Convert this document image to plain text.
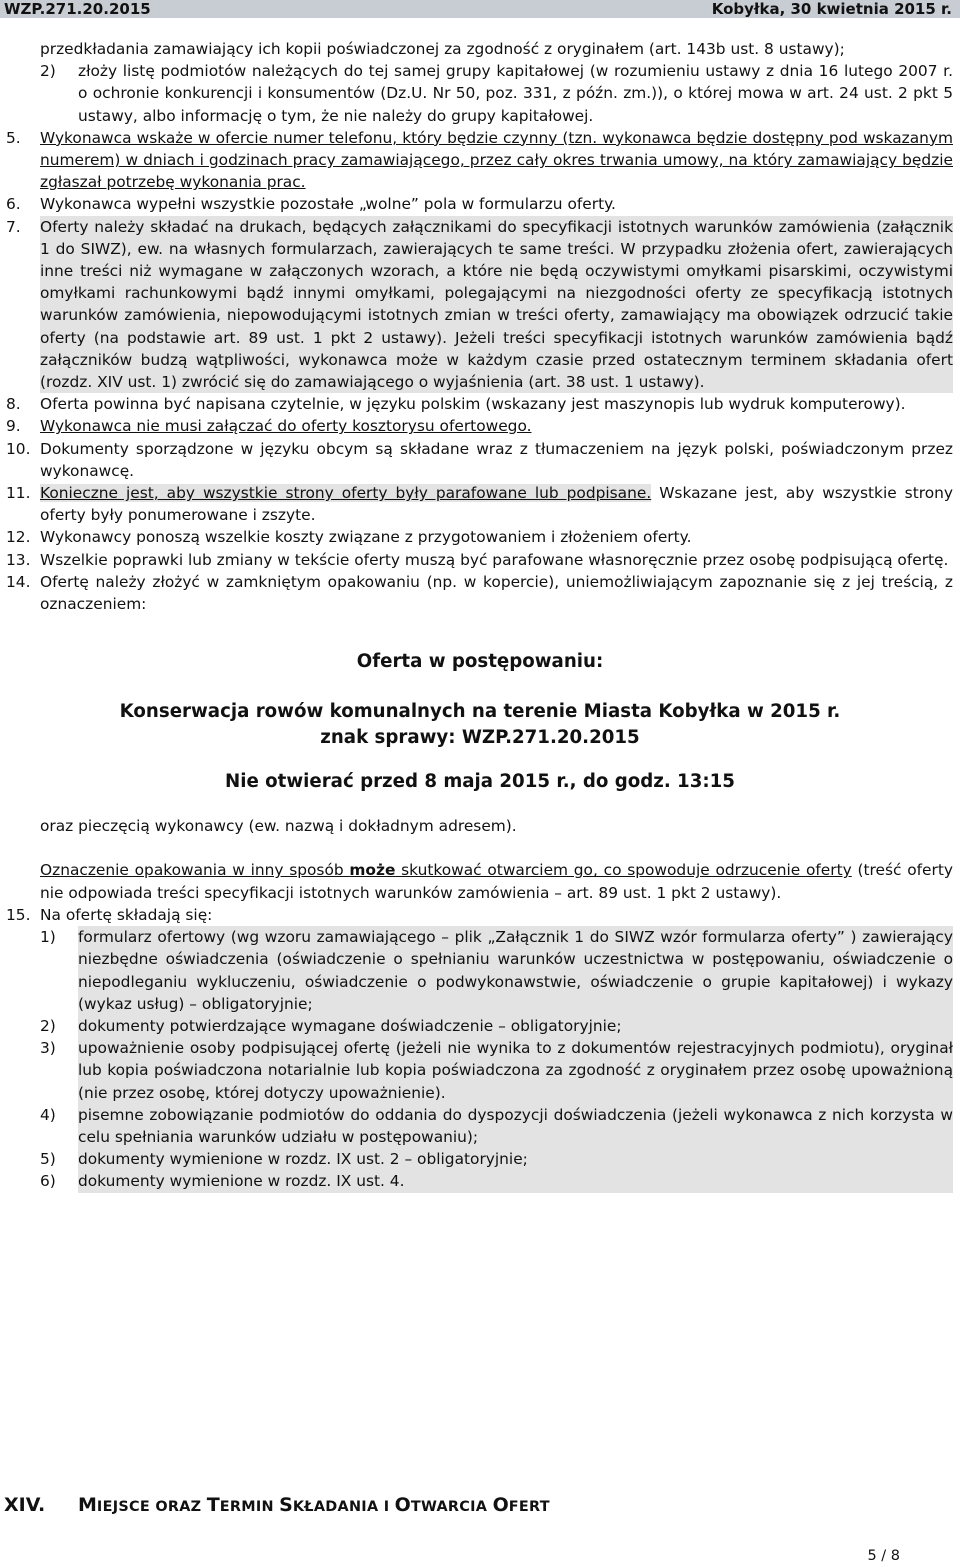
WZP.271.20.2015	Kobyłka, 30 kwietnia 2015 r.

przedkładania zamawiający ich kopii poświadczonej za zgodność z oryginałem (art. 143b ust. 8 ustawy);

2)	złoży listę podmiotów należących do tej samej grupy kapitałowej (w rozumieniu ustawy z dnia 16 lutego 2007 r. o ochronie konkurencji i konsumentów (Dz.U. Nr 50, poz. 331, z późn. zm.)), o której mowa w art. 24 ust. 2 pkt 5 ustawy, albo informację o tym, że nie należy do grupy kapitałowej.
5.	Wykonawca wskaże w ofercie numer telefonu, który będzie czynny (tzn. wykonawca będzie dostępny pod wskazanym numerem) w dniach i godzinach pracy zamawiającego, przez cały okres trwania umowy, na który zamawiający będzie zgłaszał potrzebę wykonania prac.
6.	Wykonawca wypełni wszystkie pozostałe „wolne” pola w formularzu oferty.
7.	Oferty należy składać na drukach, będących załącznikami do specyfikacji istotnych warunków zamówienia (załącznik 1 do SIWZ), ew. na własnych formularzach, zawierających te same treści. W przypadku złożenia ofert, zawierających inne treści niż wymagane w załączonych wzorach, a które nie będą oczywistymi omyłkami pisarskimi, oczywistymi omyłkami rachunkowymi bądź innymi omyłkami, polegającymi na niezgodności oferty ze specyfikacją istotnych warunków zamówienia, niepowodującymi istotnych zmian w treści oferty, zamawiający ma obowiązek odrzucić takie oferty (na podstawie art. 89 ust. 1 pkt 2 ustawy). Jeżeli treści specyfikacji istotnych warunków zamówienia bądź załączników budzą wątpliwości, wykonawca może w każdym czasie przed ostatecznym terminem składania ofert (rozdz. XIV ust. 1) zwrócić się do zamawiającego o wyjaśnienia (art. 38 ust. 1 ustawy).
8.	Oferta powinna być napisana czytelnie, w języku polskim (wskazany jest maszynopis lub wydruk komputerowy).
9.	Wykonawca nie musi załączać do oferty kosztorysu ofertowego.
10. Dokumenty sporządzone w języku obcym są składane wraz z tłumaczeniem na język polski, poświadczonym przez wykonawcę.
11. Konieczne jest, aby wszystkie strony oferty były parafowane lub podpisane. Wskazane jest, aby wszystkie strony oferty były ponumerowane i zszyte.
12. Wykonawcy ponoszą wszelkie koszty związane z przygotowaniem i złożeniem oferty.
13. Wszelkie poprawki lub zmiany w tekście oferty muszą być parafowane własnoręcznie przez osobę podpisującą ofertę.
14. Ofertę należy złożyć w zamkniętym opakowaniu (np. w kopercie), uniemożliwiającym zapoznanie się z jej treścią, z oznaczeniem:

Oferta w postępowaniu:

Konserwacja rowów komunalnych na terenie Miasta Kobyłka w 2015 r.

znak sprawy: WZP.271.20.2015

Nie otwierać przed 8 maja 2015 r., do godz. 13:15

oraz pieczęcią wykonawcy (ew. nazwą i dokładnym adresem).

Oznaczenie opakowania w inny sposób może skutkować otwarciem go, co spowoduje odrzucenie oferty (treść oferty nie odpowiada treści specyfikacji istotnych warunków zamówienia – art. 89 ust. 1 pkt 2 ustawy).

15. Na ofertę składają się:
1)	formularz ofertowy (wg wzoru zamawiającego – plik „Załącznik 1 do SIWZ wzór formularza oferty” ) zawierający niezbędne oświadczenia (oświadczenie o spełnianiu warunków uczestnictwa w postępowaniu, oświadczenie o niepodleganiu wykluczeniu, oświadczenie o podwykonawstwie, oświadczenie o grupie kapitałowej) i wykazy (wykaz usług) – obligatoryjnie;
2)	dokumenty potwierdzające wymagane doświadczenie – obligatoryjnie;
3)	upoważnienie osoby podpisującej ofertę (jeżeli nie wynika to z dokumentów rejestracyjnych podmiotu), oryginał lub kopia poświadczona notarialnie lub kopia poświadczona za zgodność z oryginałem przez osobę upoważnioną (nie przez osobę, której dotyczy upoważnienie).
4)	pisemne zobowiązanie podmiotów do oddania do dyspozycji doświadczenia (jeżeli wykonawca z nich korzysta w celu spełniania warunków udziału w postępowaniu);
5)	dokumenty wymienione w rozdz. IX ust. 2 – obligatoryjnie;
6)	dokumenty wymienione w rozdz. IX ust. 4.
XIV.	MIEJSCE ORAZ TERMIN SKŁADANIA I OTWARCIA OFERT
5 / 8
